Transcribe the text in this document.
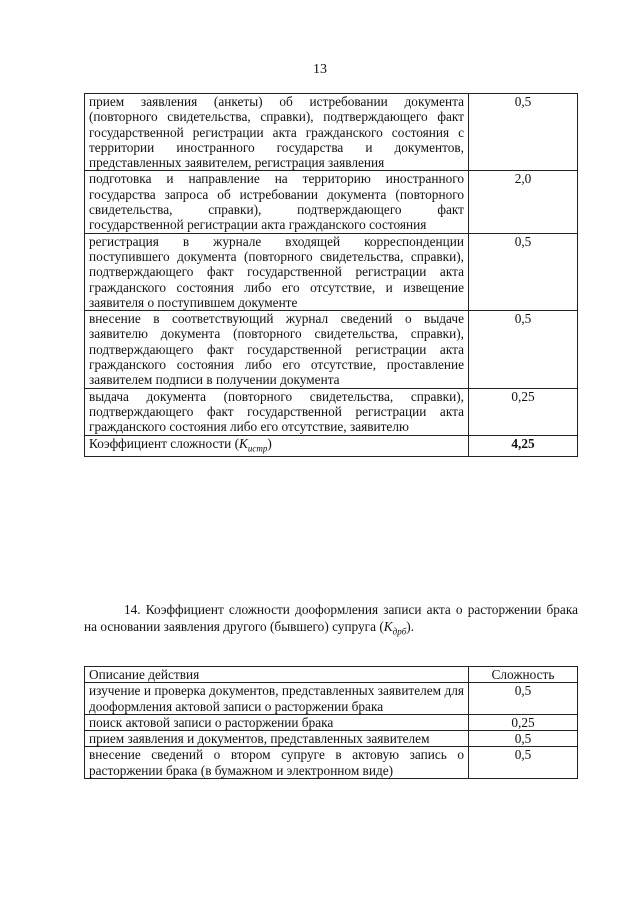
13
прием заявления (анкеты) об истребовании документа (повторного свидетельства, справки), подтверждающего факт государственной регистрации акта гражданского состояния с территории иностранного государства и документов, представленных заявителем, регистрация заявления	0,5
подготовка и направление на территорию иностранного государства запроса об истребовании документа (повторного свидетельства, справки), подтверждающего факт государственной регистрации акта гражданского состояния	2,0
регистрация в журнале входящей корреспонденции поступившего документа (повторного свидетельства, справки), подтверждающего факт государственной регистрации акта гражданского состояния либо его отсутствие, и извещение заявителя о поступившем документе	0,5
внесение в соответствующий журнал сведений о выдаче заявителю документа (повторного свидетельства, справки), подтверждающего факт государственной регистрации акта гражданского состояния либо его отсутствие, проставление заявителем подписи в получении документа	0,5
выдача документа (повторного свидетельства, справки), подтверждающего факт государственной регистрации акта гражданского состояния либо его отсутствие, заявителю	0,25
Коэффициент сложности $(K_{истр})$	4,25
14. Коэффициент сложности дооформления записи акта о расторжении брака на основании заявления другого (бывшего) супруга $(K_{дрб})$.
Описание действия	Сложность
изучение и проверка документов, представленных заявителем для дооформления актовой записи о расторжении брака	0,5
поиск актовой записи о расторжении брака	0,25
прием заявления и документов, представленных заявителем	0,5
внесение сведений о втором супруге в актовую запись о расторжении брака (в бумажном и электронном виде)	0,5
